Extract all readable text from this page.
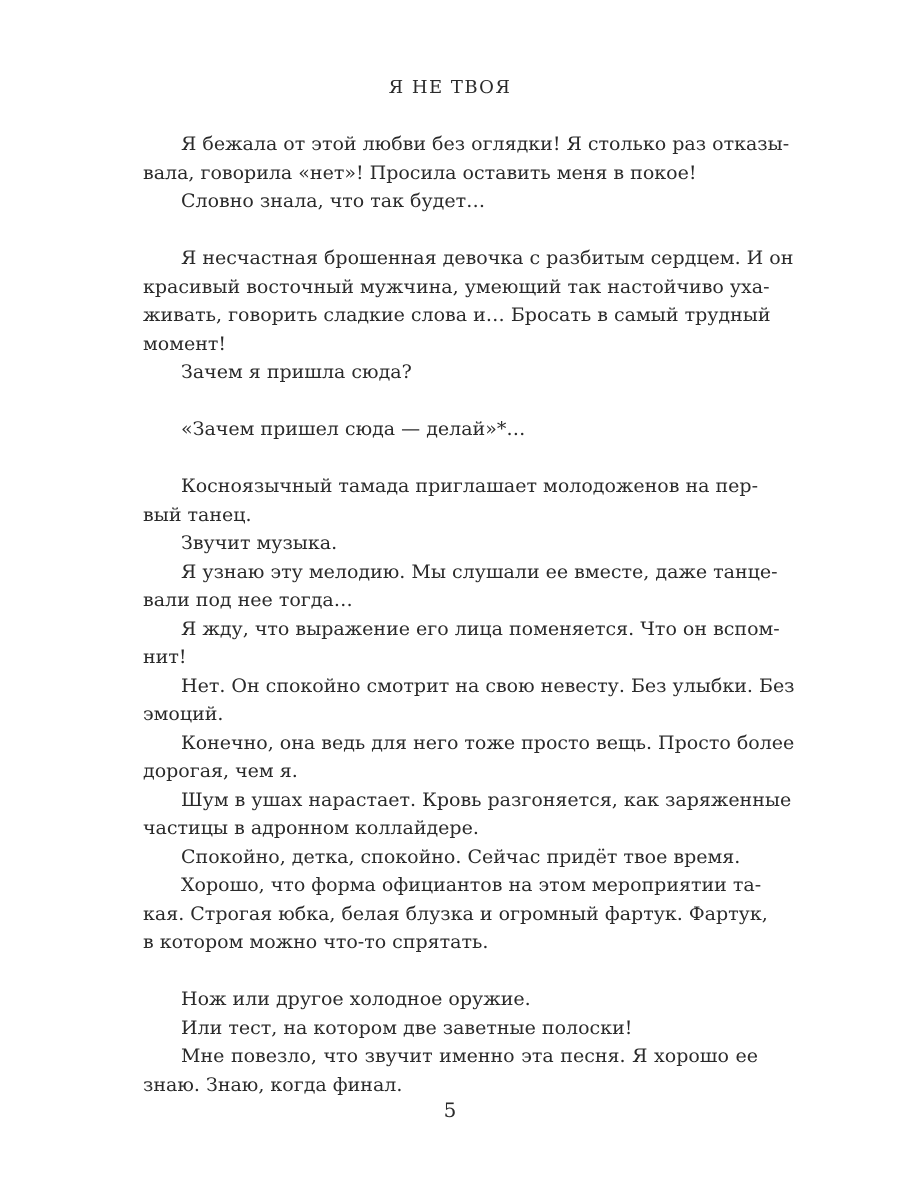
Я НЕ ТВОЯ

Я бежала от этой любви без оглядки! Я столько раз отказы-
вала, говорила «нет»! Просила оставить меня в покое!

Словно знала, что так будет…

Я несчастная брошенная девочка с разбитым сердцем. И он
красивый восточный мужчина, умеющий так настойчиво уха-
живать, говорить сладкие слова и… Бросать в самый трудный
момент!

Зачем я пришла сюда?

«Зачем пришел сюда — делай»*…

Косноязычный тамада приглашает молодоженов на пер-
вый танец.

Звучит музыка.

Я узнаю эту мелодию. Мы слушали ее вместе, даже танце-
вали под нее тогда…

Я жду, что выражение его лица поменяется. Что он вспом-
нит!

Нет. Он спокойно смотрит на свою невесту. Без улыбки. Без
эмоций.

Конечно, она ведь для него тоже просто вещь. Просто более
дорогая, чем я.

Шум в ушах нарастает. Кровь разгоняется, как заряженные
частицы в адронном коллайдере.

Спокойно, детка, спокойно. Сейчас придёт твое время.

Хорошо, что форма официантов на этом мероприятии та-
кая. Строгая юбка, белая блузка и огромный фартук. Фартук,
в котором можно что-то спрятать.

Нож или другое холодное оружие.

Или тест, на котором две заветные полоски!

Мне повезло, что звучит именно эта песня. Я хорошо ее
знаю. Знаю, когда финал.

5
